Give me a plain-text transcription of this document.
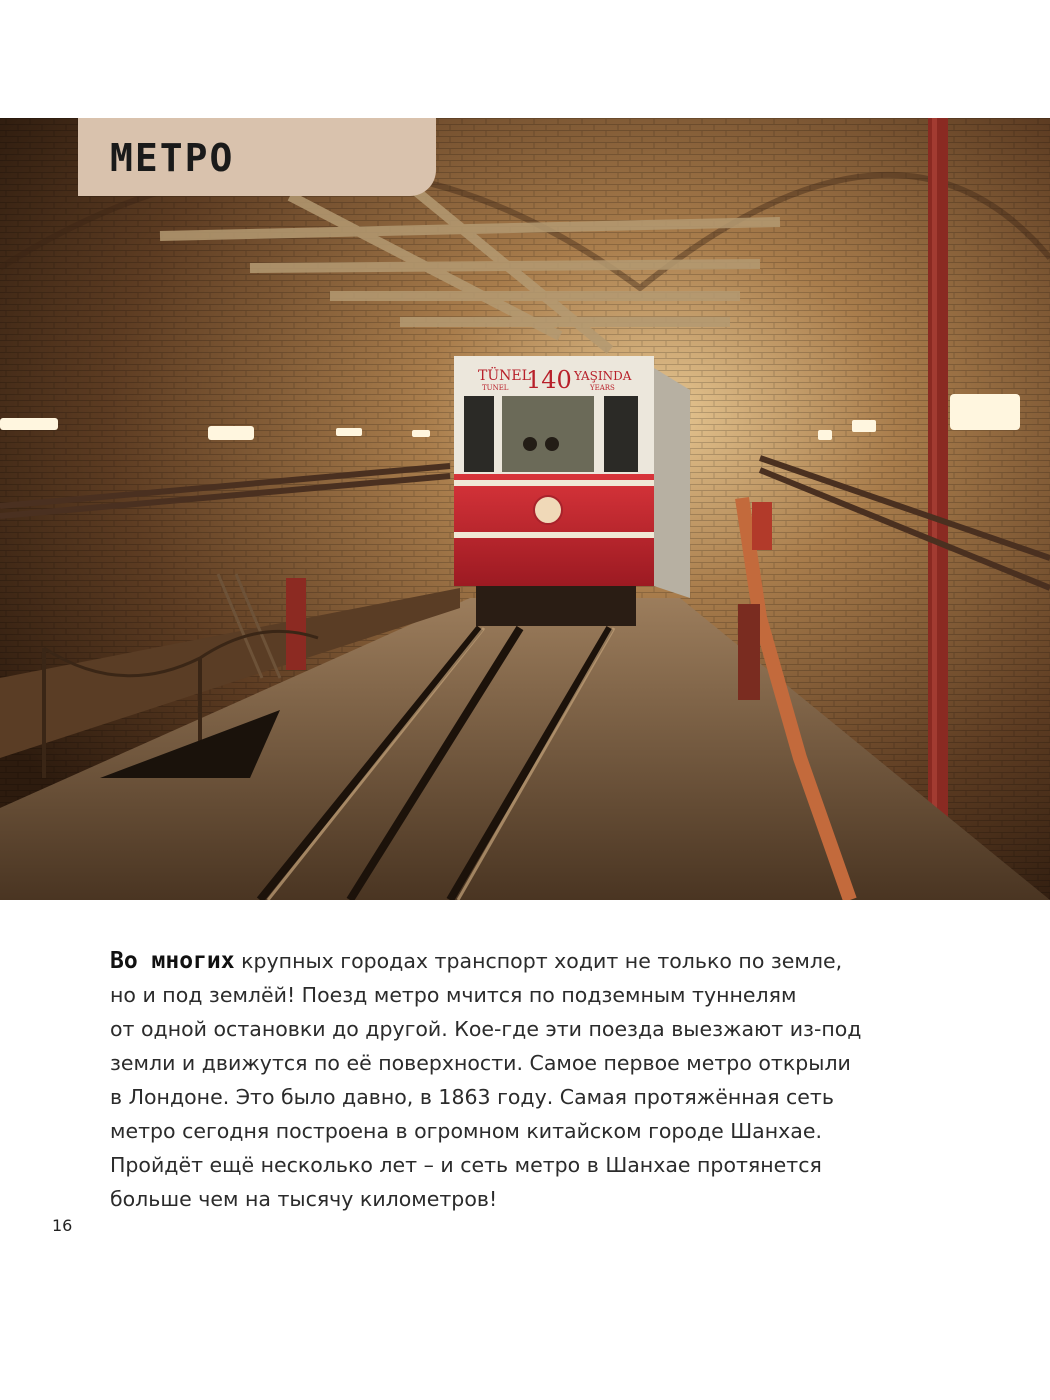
TÜNEL
140 YAŞINDA
TUNEL	YEARS
МЕТРО
Во многих крупных городах транспорт ходит не только по земле,
но и под землёй! Поезд метро мчится по подземным туннелям
от одной остановки до другой. Кое-где эти поезда выезжают из-под
земли и движутся по её поверхности. Самое первое метро открыли
в Лондоне. Это было давно, в 1863 году. Самая протяжённая сеть
метро сегодня построена в огромном китайском городе Шанхае.
Пройдёт ещё несколько лет – и сеть метро в Шанхае протянется
больше чем на тысячу километров!
16
